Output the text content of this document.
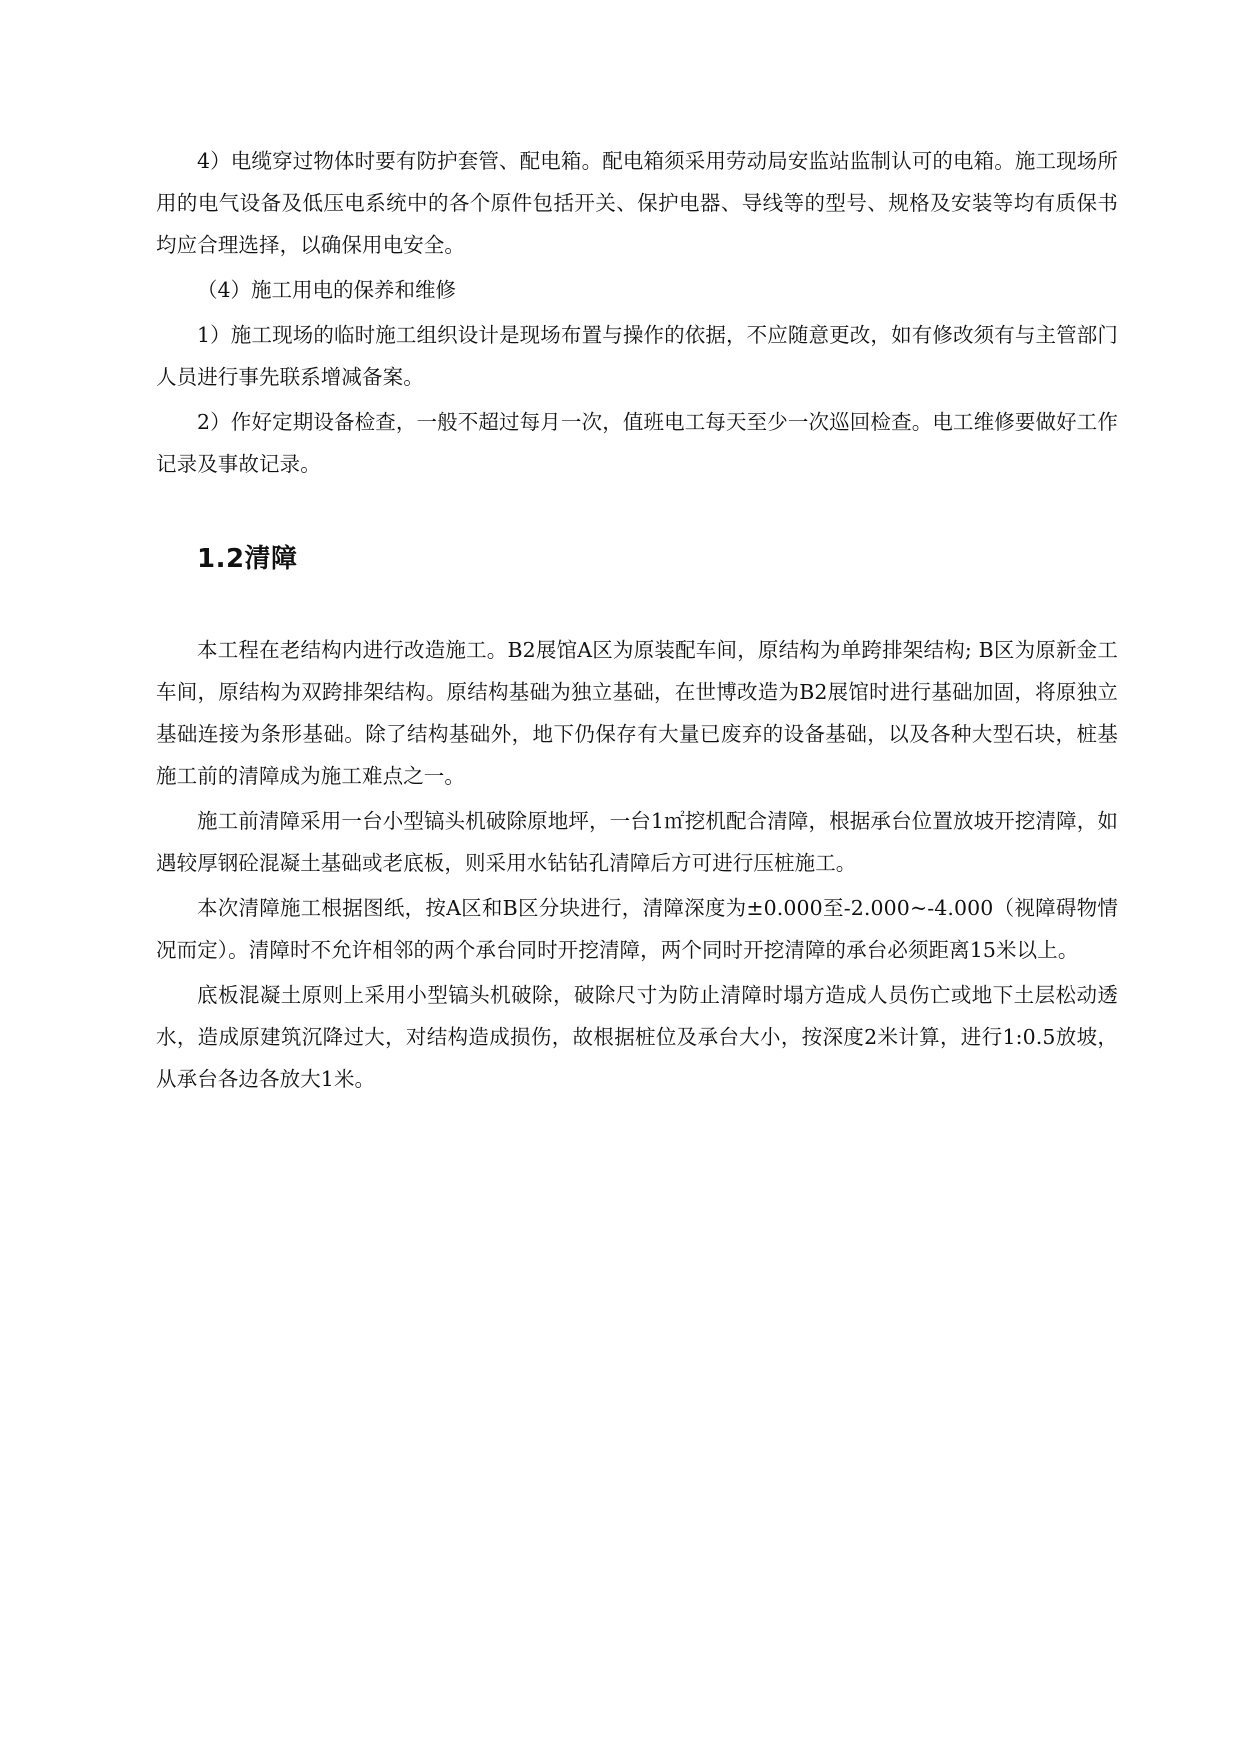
4）电缆穿过物体时要有防护套管、配电箱。配电箱须采用劳动局安监站监制认可的电箱。施工现场所用的电气设备及低压电系统中的各个原件包括开关、保护电器、导线等的型号、规格及安装等均有质保书均应合理选择，以确保用电安全。

（4）施工用电的保养和维修

1）施工现场的临时施工组织设计是现场布置与操作的依据，不应随意更改，如有修改须有与主管部门人员进行事先联系增减备案。

2）作好定期设备检查，一般不超过每月一次，值班电工每天至少一次巡回检查。电工维修要做好工作记录及事故记录。

1.2清障

本工程在老结构内进行改造施工。B2展馆A区为原装配车间，原结构为单跨排架结构; B区为原新金工车间，原结构为双跨排架结构。原结构基础为独立基础，在世博改造为B2展馆时进行基础加固，将原独立基础连接为条形基础。除了结构基础外，地下仍保存有大量已废弃的设备基础，以及各种大型石块，桩基施工前的清障成为施工难点之一。

施工前清障采用一台小型镐头机破除原地坪，一台1㎡挖机配合清障，根据承台位置放坡开挖清障，如遇较厚钢砼混凝土基础或老底板，则采用水钻钻孔清障后方可进行压桩施工。

本次清障施工根据图纸，按A区和B区分块进行，清障深度为±0.000至-2.000~-4.000（视障碍物情况而定）。清障时不允许相邻的两个承台同时开挖清障，两个同时开挖清障的承台必须距离15米以上。

底板混凝土原则上采用小型镐头机破除，破除尺寸为防止清障时塌方造成人员伤亡或地下土层松动透水，造成原建筑沉降过大，对结构造成损伤，故根据桩位及承台大小，按深度2米计算，进行1:0.5放坡，从承台各边各放大1米。
